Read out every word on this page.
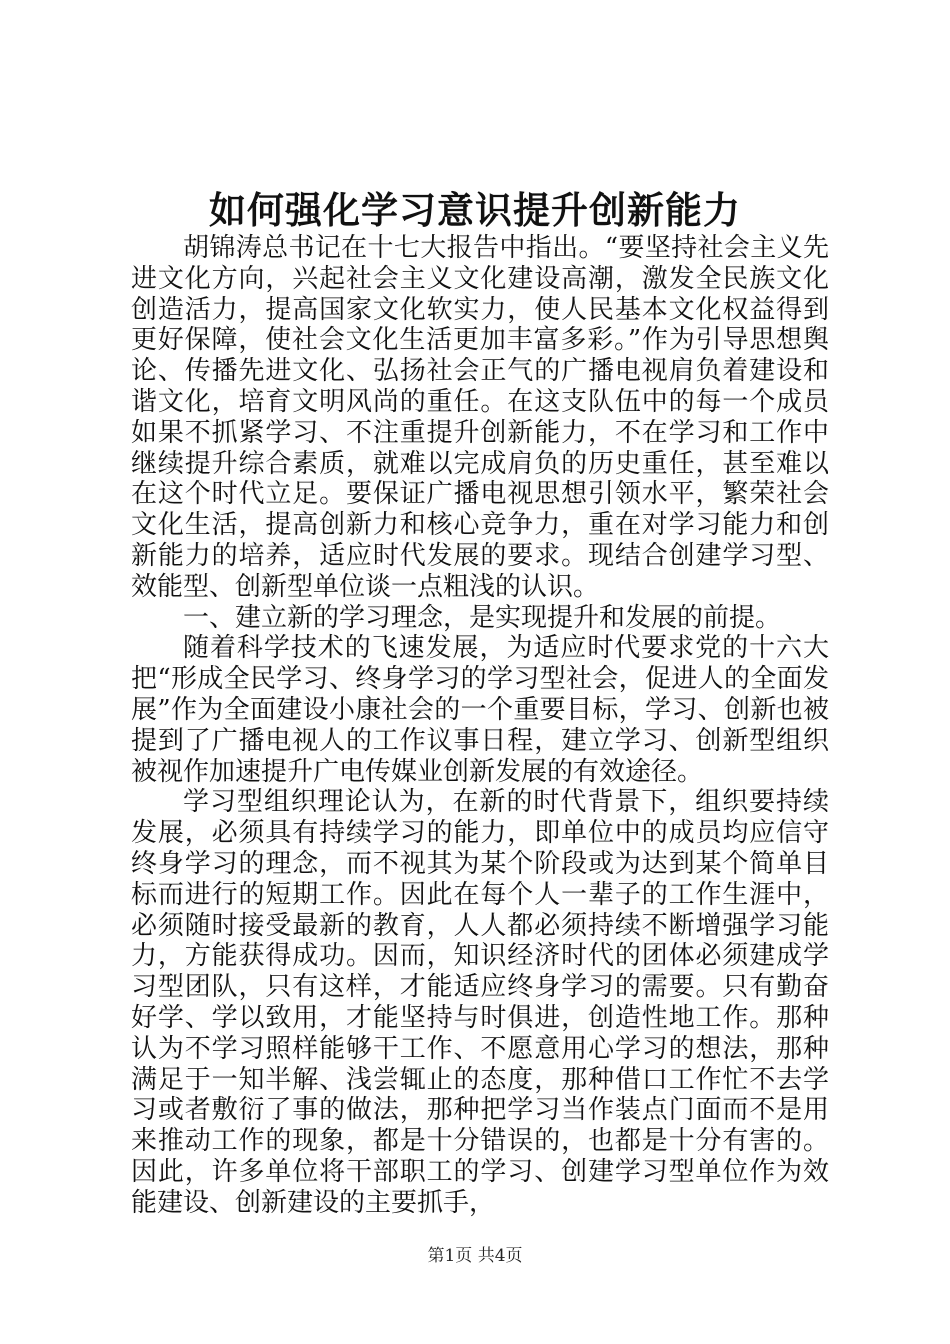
如何强化学习意识提升创新能力

胡锦涛总书记在十七大报告中指出。“要坚持社会主义先进文化方向，兴起社会主义文化建设高潮，激发全民族文化创造活力，提高国家文化软实力，使人民基本文化权益得到更好保障，使社会文化生活更加丰富多彩。”作为引导思想舆论、传播先进文化、弘扬社会正气的广播电视肩负着建设和谐文化，培育文明风尚的重任。在这支队伍中的每一个成员如果不抓紧学习、不注重提升创新能力，不在学习和工作中继续提升综合素质，就难以完成肩负的历史重任，甚至难以在这个时代立足。要保证广播电视思想引领水平，繁荣社会文化生活，提高创新力和核心竞争力，重在对学习能力和创新能力的培养，适应时代发展的要求。现结合创建学习型、效能型、创新型单位谈一点粗浅的认识。

一、建立新的学习理念，是实现提升和发展的前提。

随着科学技术的飞速发展，为适应时代要求党的十六大把“形成全民学习、终身学习的学习型社会，促进人的全面发展”作为全面建设小康社会的一个重要目标，学习、创新也被提到了广播电视人的工作议事日程，建立学习、创新型组织被视作加速提升广电传媒业创新发展的有效途径。

学习型组织理论认为，在新的时代背景下，组织要持续发展，必须具有持续学习的能力，即单位中的成员均应信守终身学习的理念，而不视其为某个阶段或为达到某个简单目标而进行的短期工作。因此在每个人一辈子的工作生涯中，必须随时接受最新的教育，人人都必须持续不断增强学习能力，方能获得成功。因而，知识经济时代的团体必须建成学习型团队，只有这样，才能适应终身学习的需要。只有勤奋好学、学以致用，才能坚持与时俱进，创造性地工作。那种认为不学习照样能够干工作、不愿意用心学习的想法，那种满足于一知半解、浅尝辄止的态度，那种借口工作忙不去学习或者敷衍了事的做法，那种把学习当作装点门面而不是用来推动工作的现象，都是十分错误的，也都是十分有害的。因此，许多单位将干部职工的学习、创建学习型单位作为效能建设、创新建设的主要抓手，

第1页 共4页
